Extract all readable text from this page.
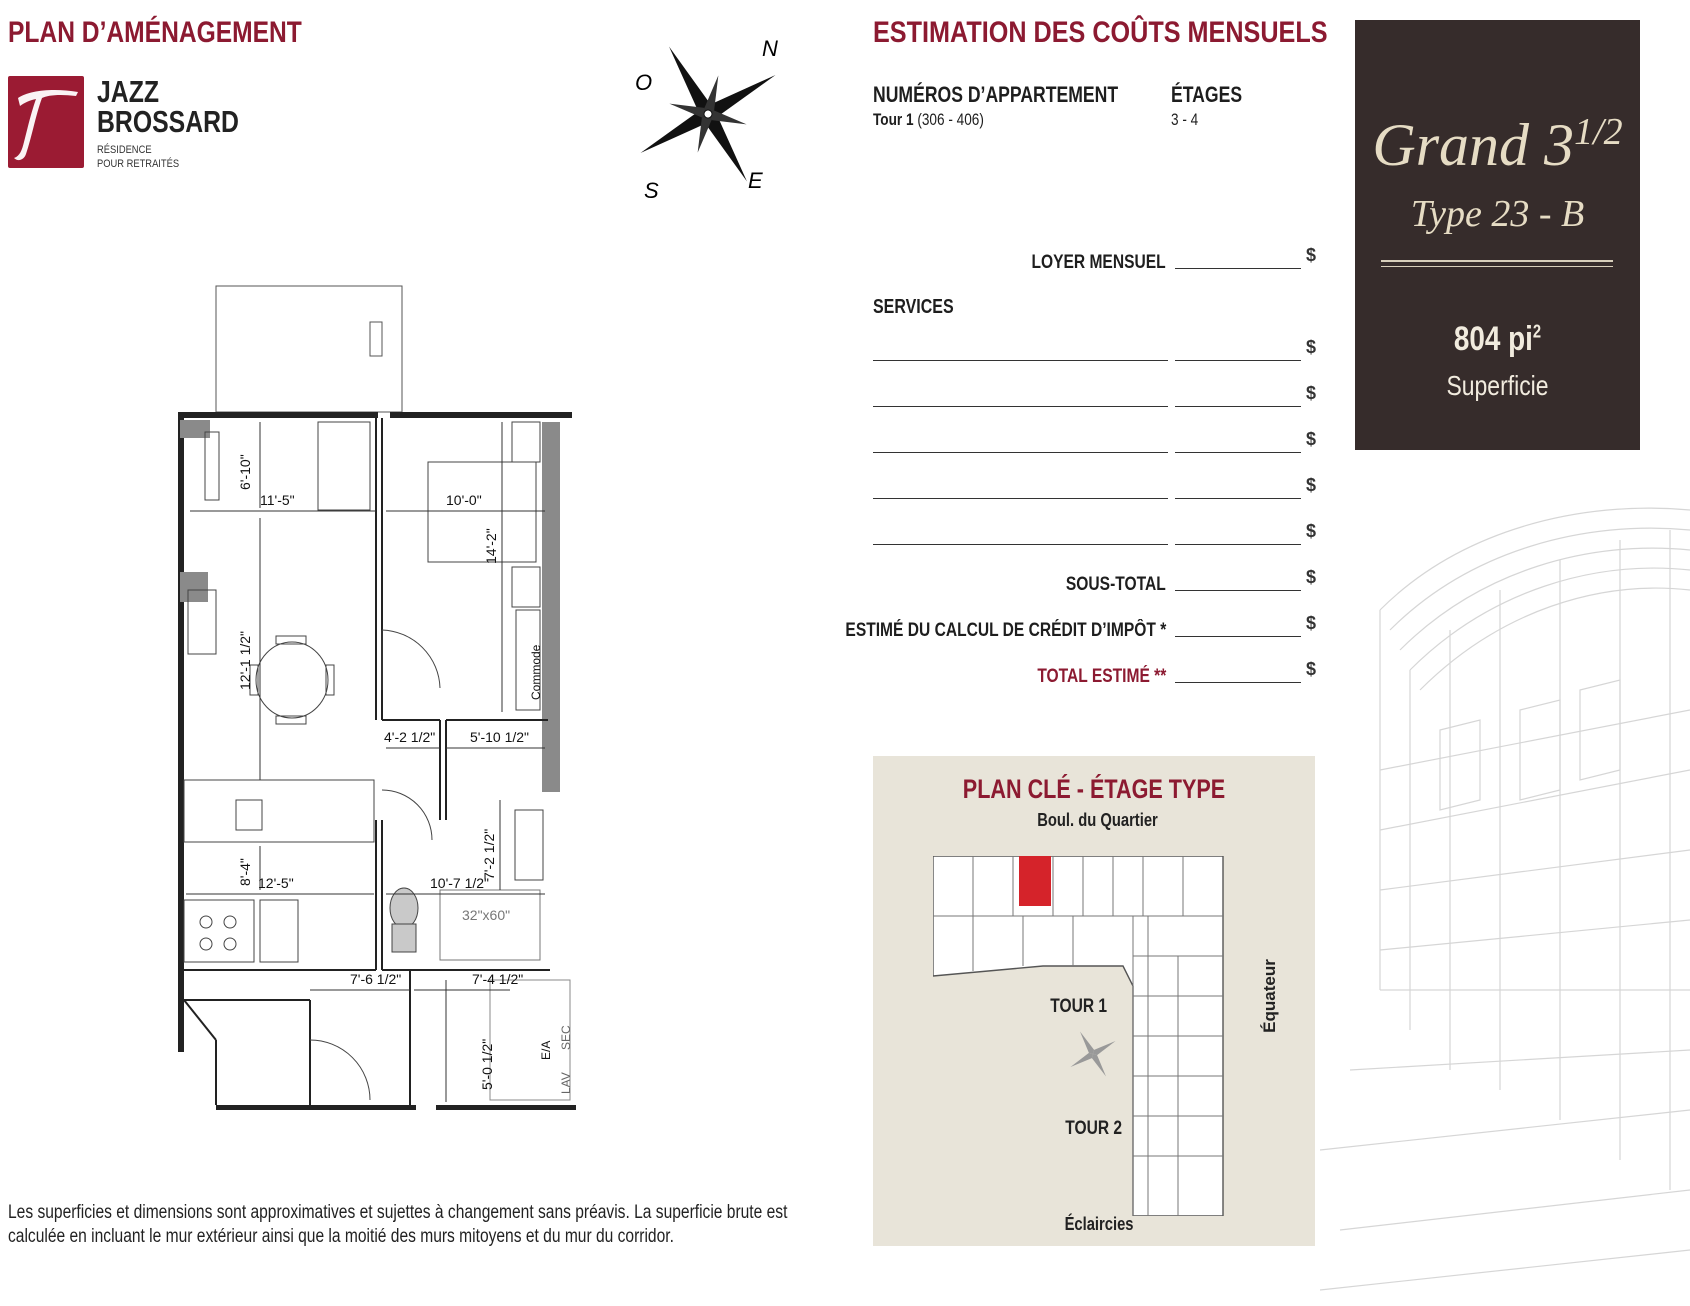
PLAN D’AMÉNAGEMENT
JAZZ
BROSSARD
RÉSIDENCE
POUR RETRAITÉS
N
O
E
S
ESTIMATION DES COÛTS MENSUELS
NUMÉROS D’APPARTEMENT
Tour 1 (306 - 406)
ÉTAGES
3 - 4
LOYER MENSUEL	$
SERVICES
$
$
$
$
$
SOUS-TOTAL	$
ESTIMÉ DU CALCUL DE CRÉDIT D’IMPÔT *	$
TOTAL ESTIMÉ **	$
Grand $3^{1/2}$
Type 23 - B
804 $pi^2$
Superficie
6'-10"
11'-5"	10'-0"
14'-2"
12'-1 1/2"
4'-2 1/2" 5'-10 1/2"
7'-2 1/2"
8'-4" 12'-5"	10'-7 1/2"
32"x60"
7'-6 1/2"	7'-4 1/2"
5'-0 1/2"
Commode
E/A
SEC
LAV
PLAN CLÉ - ÉTAGE TYPE
Boul. du Quartier
TOUR 1
TOUR 2
Éclaircies
Équateur
Les superficies et dimensions sont approximatives et sujettes à changement sans préavis. La superficie brute est
calculée en incluant le mur extérieur ainsi que la moitié des murs mitoyens et du mur du corridor.
